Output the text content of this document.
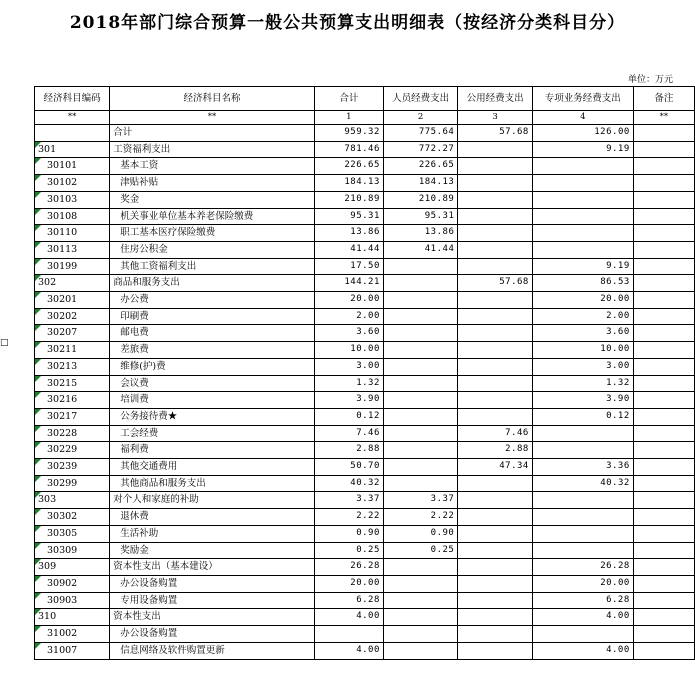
2018年部门综合预算一般公共预算支出明细表（按经济分类科目分）
单位：万元
□
经济科目编码	经济科目名称	合计	人员经费支出	公用经费支出	专项业务经费支出	备注
**	**	1	2	3	4	**
	合计	959.32	775.64	57.68	126.00	
301	工资福利支出	781.46	772.27		9.19	
30101	基本工资	226.65	226.65			
30102	津贴补贴	184.13	184.13			
30103	奖金	210.89	210.89			
30108	机关事业单位基本养老保险缴费	95.31	95.31			
30110	职工基本医疗保险缴费	13.86	13.86			
30113	住房公积金	41.44	41.44			
30199	其他工资福利支出	17.50			9.19	
302	商品和服务支出	144.21		57.68	86.53	
30201	办公费	20.00			20.00	
30202	印刷费	2.00			2.00	
30207	邮电费	3.60			3.60	
30211	差旅费	10.00			10.00	
30213	维修(护)费	3.00			3.00	
30215	会议费	1.32			1.32	
30216	培训费	3.90			3.90	
30217	公务接待费★	0.12			0.12	
30228	工会经费	7.46		7.46		
30229	福利费	2.88		2.88		
30239	其他交通费用	50.70		47.34	3.36	
30299	其他商品和服务支出	40.32			40.32	
303	对个人和家庭的补助	3.37	3.37			
30302	退休费	2.22	2.22			
30305	生活补助	0.90	0.90			
30309	奖励金	0.25	0.25			
309	资本性支出（基本建设）	26.28			26.28	
30902	办公设备购置	20.00			20.00	
30903	专用设备购置	6.28			6.28	
310	资本性支出	4.00			4.00	
31002	办公设备购置					
31007	信息网络及软件购置更新	4.00			4.00	
